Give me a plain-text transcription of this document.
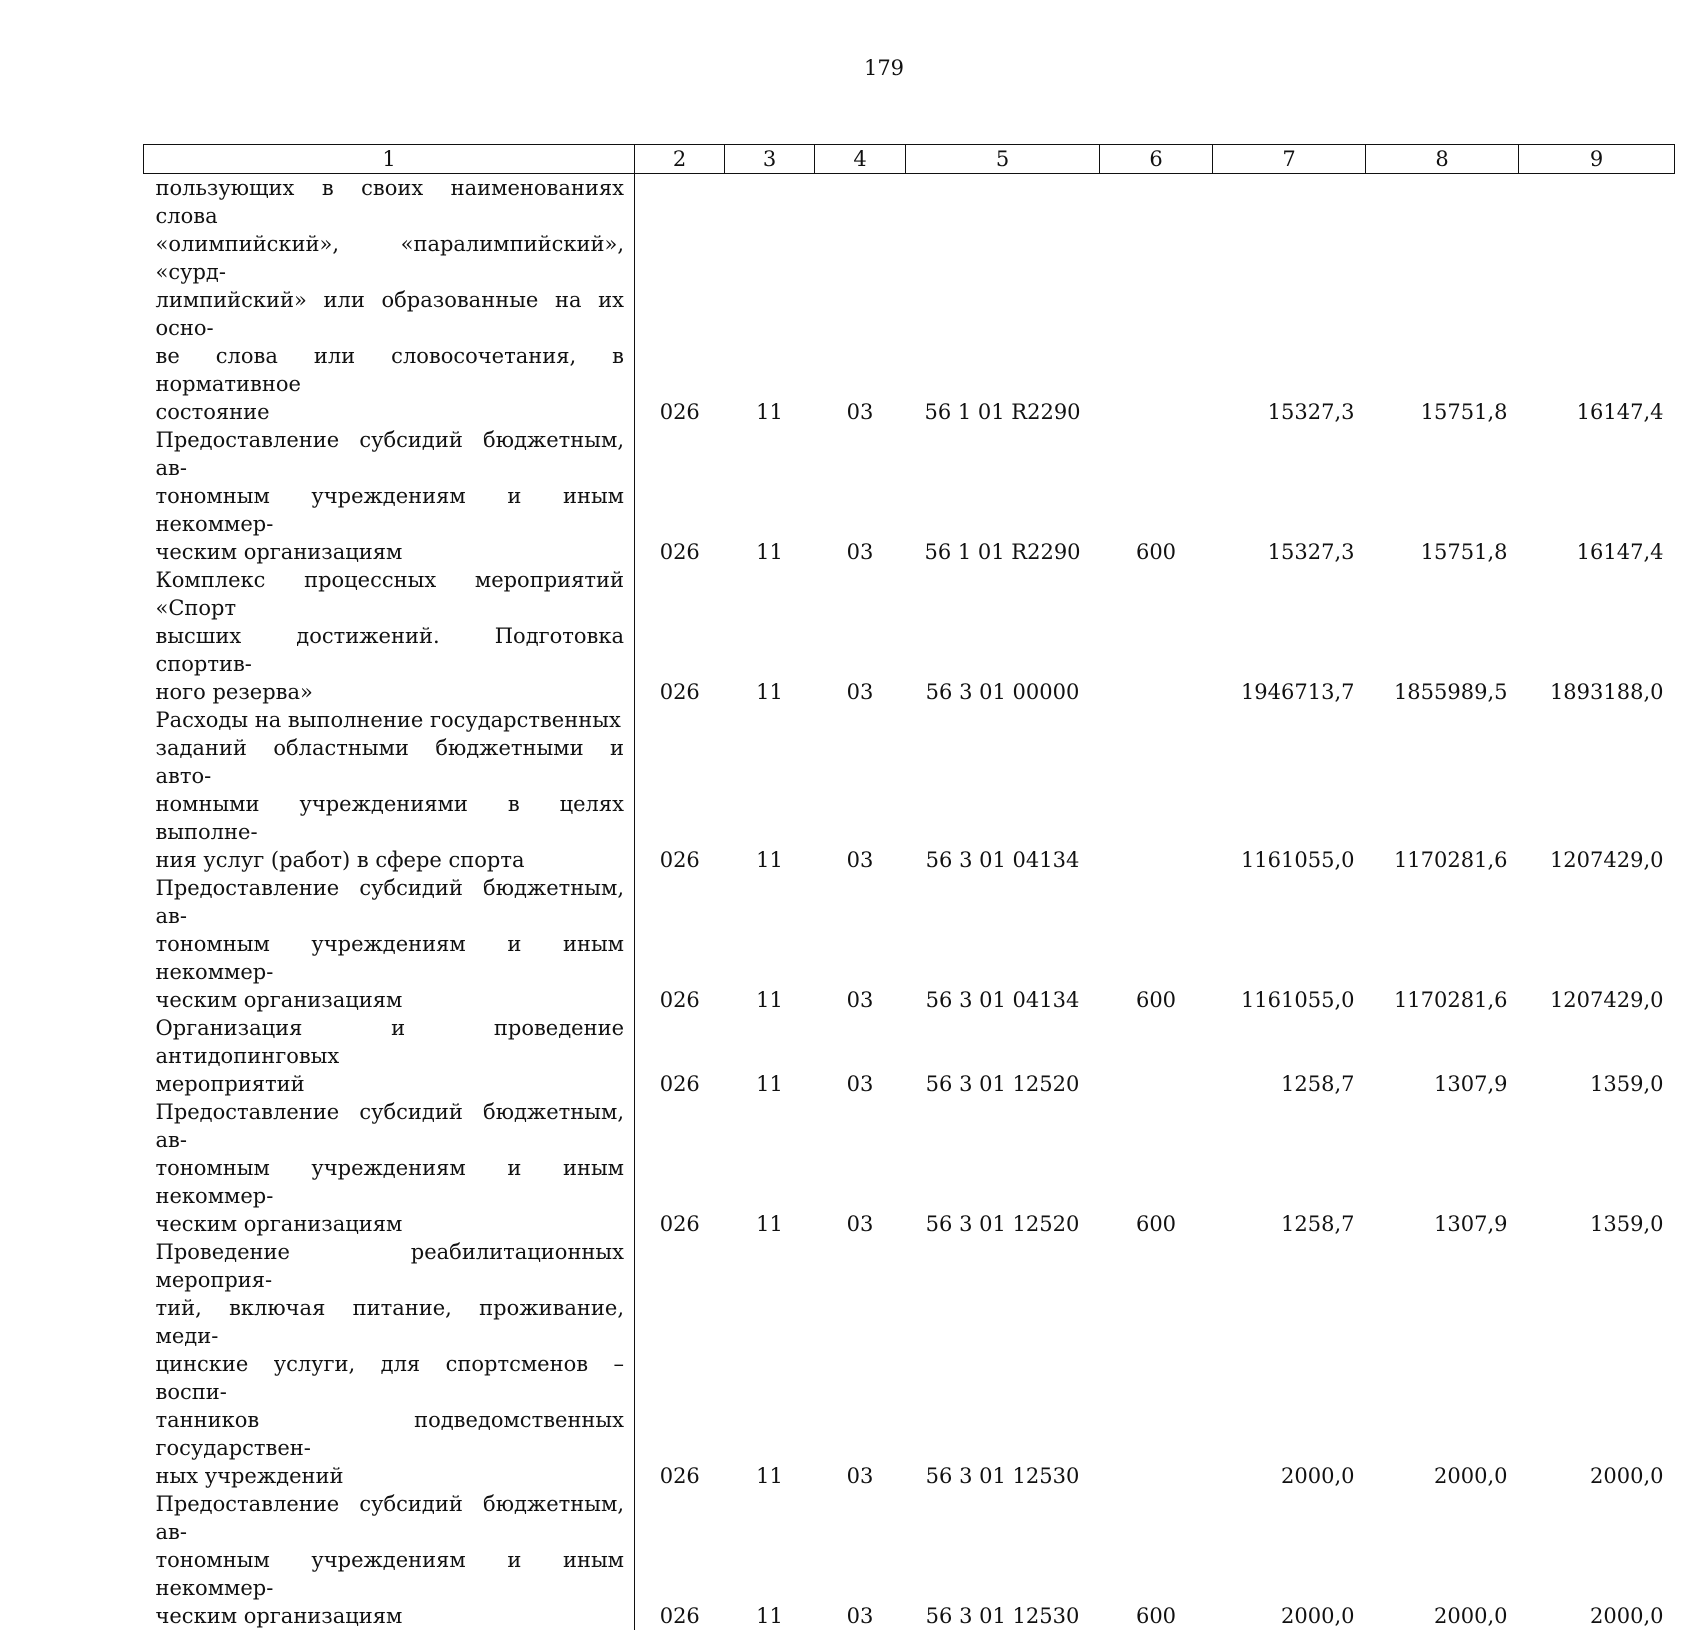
179
1	2	3	4	5	6	7	8	9

пользующих в своих наименованиях слова
«олимпийский», «паралимпийский», «сурд-
лимпийский» или образованные на их осно-
ве слова или словосочетания, в нормативное
состояние	026	11	03	56 1 01 R2290		15327,3	15751,8	16147,4

Предоставление субсидий бюджетным, ав-
тономным учреждениям и иным некоммер-
ческим организациям	026	11	03	56 1 01 R2290	600	15327,3	15751,8	16147,4

Комплекс процессных мероприятий «Спорт
высших достижений. Подготовка спортив-
ного резерва»	026	11	03	56 3 01 00000		1946713,7	1855989,5	1893188,0

Расходы на выполнение государственных
заданий областными бюджетными и авто-
номными учреждениями в целях выполне-
ния услуг (работ) в сфере спорта	026	11	03	56 3 01 04134		1161055,0	1170281,6	1207429,0

Предоставление субсидий бюджетным, ав-
тономным учреждениям и иным некоммер-
ческим организациям	026	11	03	56 3 01 04134	600	1161055,0	1170281,6	1207429,0

Организация и проведение антидопинговых
мероприятий	026	11	03	56 3 01 12520		1258,7	1307,9	1359,0

Предоставление субсидий бюджетным, ав-
тономным учреждениям и иным некоммер-
ческим организациям	026	11	03	56 3 01 12520	600	1258,7	1307,9	1359,0

Проведение реабилитационных мероприя-
тий, включая питание, проживание, меди-
цинские услуги, для спортсменов – воспи-
танников подведомственных государствен-
ных учреждений	026	11	03	56 3 01 12530		2000,0	2000,0	2000,0

Предоставление субсидий бюджетным, ав-
тономным учреждениям и иным некоммер-
ческим организациям	026	11	03	56 3 01 12530	600	2000,0	2000,0	2000,0
